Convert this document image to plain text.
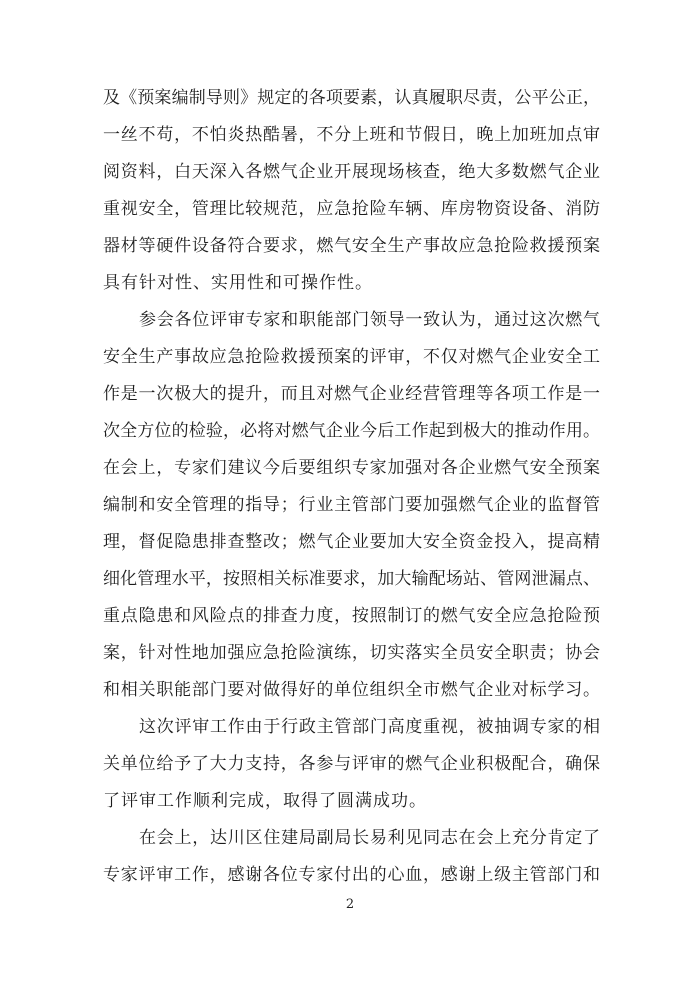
及《预案编制导则》规定的各项要素，认真履职尽责，公平公正，
一丝不苟，不怕炎热酷暑，不分上班和节假日，晚上加班加点审
阅资料，白天深入各燃气企业开展现场核查，绝大多数燃气企业
重视安全，管理比较规范，应急抢险车辆、库房物资设备、消防
器材等硬件设备符合要求，燃气安全生产事故应急抢险救援预案
具有针对性、实用性和可操作性。
参会各位评审专家和职能部门领导一致认为，通过这次燃气
安全生产事故应急抢险救援预案的评审，不仅对燃气企业安全工
作是一次极大的提升，而且对燃气企业经营管理等各项工作是一
次全方位的检验，必将对燃气企业今后工作起到极大的推动作用。
在会上，专家们建议今后要组织专家加强对各企业燃气安全预案
编制和安全管理的指导；行业主管部门要加强燃气企业的监督管
理，督促隐患排查整改；燃气企业要加大安全资金投入，提高精
细化管理水平，按照相关标准要求，加大输配场站、管网泄漏点、
重点隐患和风险点的排查力度，按照制订的燃气安全应急抢险预
案，针对性地加强应急抢险演练，切实落实全员安全职责；协会
和相关职能部门要对做得好的单位组织全市燃气企业对标学习。
这次评审工作由于行政主管部门高度重视，被抽调专家的相
关单位给予了大力支持，各参与评审的燃气企业积极配合，确保
了评审工作顺利完成，取得了圆满成功。
在会上，达川区住建局副局长易利见同志在会上充分肯定了
专家评审工作，感谢各位专家付出的心血，感谢上级主管部门和
2
